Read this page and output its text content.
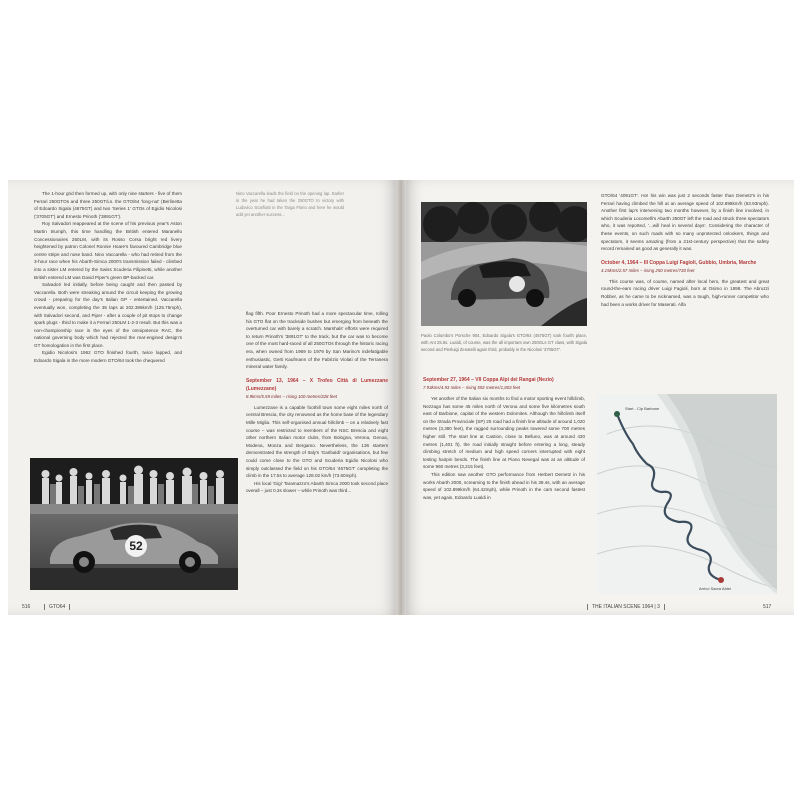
The 1-hour grid then formed up, with only nine starters - five of them Ferrari 250GTOs and three 250GT/Ls. the GTO/64 'long-nut' (Berlinetta of Edoardo Sigala (4675GT) and two 'Series 1' GTOs of Egidio Nicolosi ('3705GT') and Ernesto Prinoth ('3891GT').

Roy Salvadori reappeared at the scene of his previous year's Aston Martin triumph, this time handling the British entered Maranello Concessionaires 250LM, with its Rosso Corsa bright red livery heightened by patron Colonel Ronnie Hoare's favoured Cambridge blue centre stripe and nose band. Nino Vaccarella - who had retired from the 3-hour race when his Abarth-Simca 2000's transmission failed - climbed into a sister LM entered by the Swiss Scuderia Filipinetti, while another British entered LM was David Piper's green BP-backed car.

Salvadori led initially, before being caught and then passed by Vaccarella. Both were streaking around the circuit keeping the growing crowd - preparing for the day's Italian GP - entertained. Vaccarella eventually won, completing the 35 laps at 202.386km/h (125.75mph), with Salvadori second, and Piper - after a couple of pit stops to change spark plugs - third to make it a Ferrari 250LM 1-2-3 result. But this was a non-championship race in the eyes of the omnipotence RAC, the national governing body which had rejected the rear-engined design's GT homologation in the first place.

Egidio Nicolosi's 1962 GTO finished fourth, twice lapped, and Edoardo Sigala in the more modern GTO/64 took the chequered

52

Nino Vaccarella leads the field on the opening lap. Earlier in the year he had taken the 250GTO to victory with Ludovico Scarfiotti in the Targa Florio and here he would add yet another success...

flag fifth. Poor Ernesto Prinoth had a more spectacular time, rolling his GTO flat on the trackside bushes but emerging from beneath the overturned car with barely a scratch. Marshals' efforts were required to return Prinoth's '3891GT' to the track, but the car was to become one of the most hard-raced of all 250GTOs through the historic racing era, when owned from 1969 to 1979 by San Marino's indefatigable enthusiastic, Gerti Kaufmann of the Fabrizio Violati of the Terranera mineral water family.

September 13, 1964 – X Trofeo Città di Lumezzane (Lumezzane)
8.9kms/5.59 miles – rising 100 metres/328 feet

Lumezzane is a capable foothill town some eight miles north of central Brescia, the city renowned as the home base of the legendary Mille Miglia. This self-organised annual hillclimb – on a relatively fast course – was restricted to members of the NSC Brescia and eight other northern Italian motor clubs, from Bologna, Verona, Genoa, Modena, Monza and Bergamo. Nevertheless, the 136 starters demonstrated the strength of Italy's 'Garibaldi' organisations, but few could come close to the GTO and Scuderia Egidio Nicolosi who simply outclassed the field on his GTO/64 '4675GT' completing the climb in the 17.5s to average 128.02 km/h (73.60mph).

His local 'Gigi' Taramazzo's Abarth Simca 2000 took second place overall – just 0.3s slower – while Prinoth was third...

516	GTO64
Paolo Colombo's Porsche 904, Edoardo Sigala's GTO/64 (4675GT) took fourth place, with Ant 25.5s. Lualdi, of course, was the all important own 250GLs GT class, with Sigala second and Pierluigi Zenatelli again third, probably in the Nicolosi '3705GT'.
September 27, 1964 – VII Coppa Alpi dei Rangai (Nezio)
7.93kms/4.93 miles – rising 592 metres/1,803 feet

Yet another of the Italian six months to find a motor sporting event hillclimb, Nezzago has some 45 miles north of Verona and some five kilometres south east of Barbione, capital of the western Dolomites. Although the hillclimb itself on the Strada Provinciale (SP) 25 road had a finish line altitude of around 1,020 metres (3,380 feet), the ragged surrounding peaks towered some 700 metres higher still. The start line at Castion, close to Belluno, was at around 430 metres (1,401 ft), the road initially straight before entering a long, steady climbing stretch of medium and high speed corners interrupted with eight testing hairpin bends. The finish line at Piano Nevegal was at an altitude of some 960 metres (3,215 feet).

This edition saw another GTO performance from Herbert Demetz in his works Abarth 2000, screaming to the finish ahead in his 39.4s, with an average speed of 102.898km/h (64.42mph), while Prinoth in the cars second fastest was, yet again, Edoardo Lualdi in

GTO/64 '4091GT'. Ho! his win was just 2 seconds faster than Demetz's in his Ferrari having climbed the hill at an average speed of 102.898km/h (63.93mph). Another first lap's intervening two months however, by a finish line involved, in which Scuderia Locomelli's Abarth 250GT left the road and struck three spectators who, it was reported, '...will heal in several days'. Considering the character of these events, on such roads with so many unprotected onlookers, things and spectators, it seems amazing (from a 21st-century perspective) that the safety record remained as good as generally it was.

October 4, 1964 – III Coppa Luigi Fagioli, Gubbio, Umbria, Marche
4.15kms/2.57 miles – rising 250 metres/730 feet

This course was, of course, named after local hero, the greatest and great round-the-ears racing driver Luigi Fagioli, born at Osimo in 1898. The Abruzzi Robber, as he came to be nicknamed, was a tough, high-runner competitor who had been a works driver for Maserati. Alfa

Start - Cip Barbone
Arrivo Sacra Abtei
THE ITALIAN SCENE 1964 | 3	517
